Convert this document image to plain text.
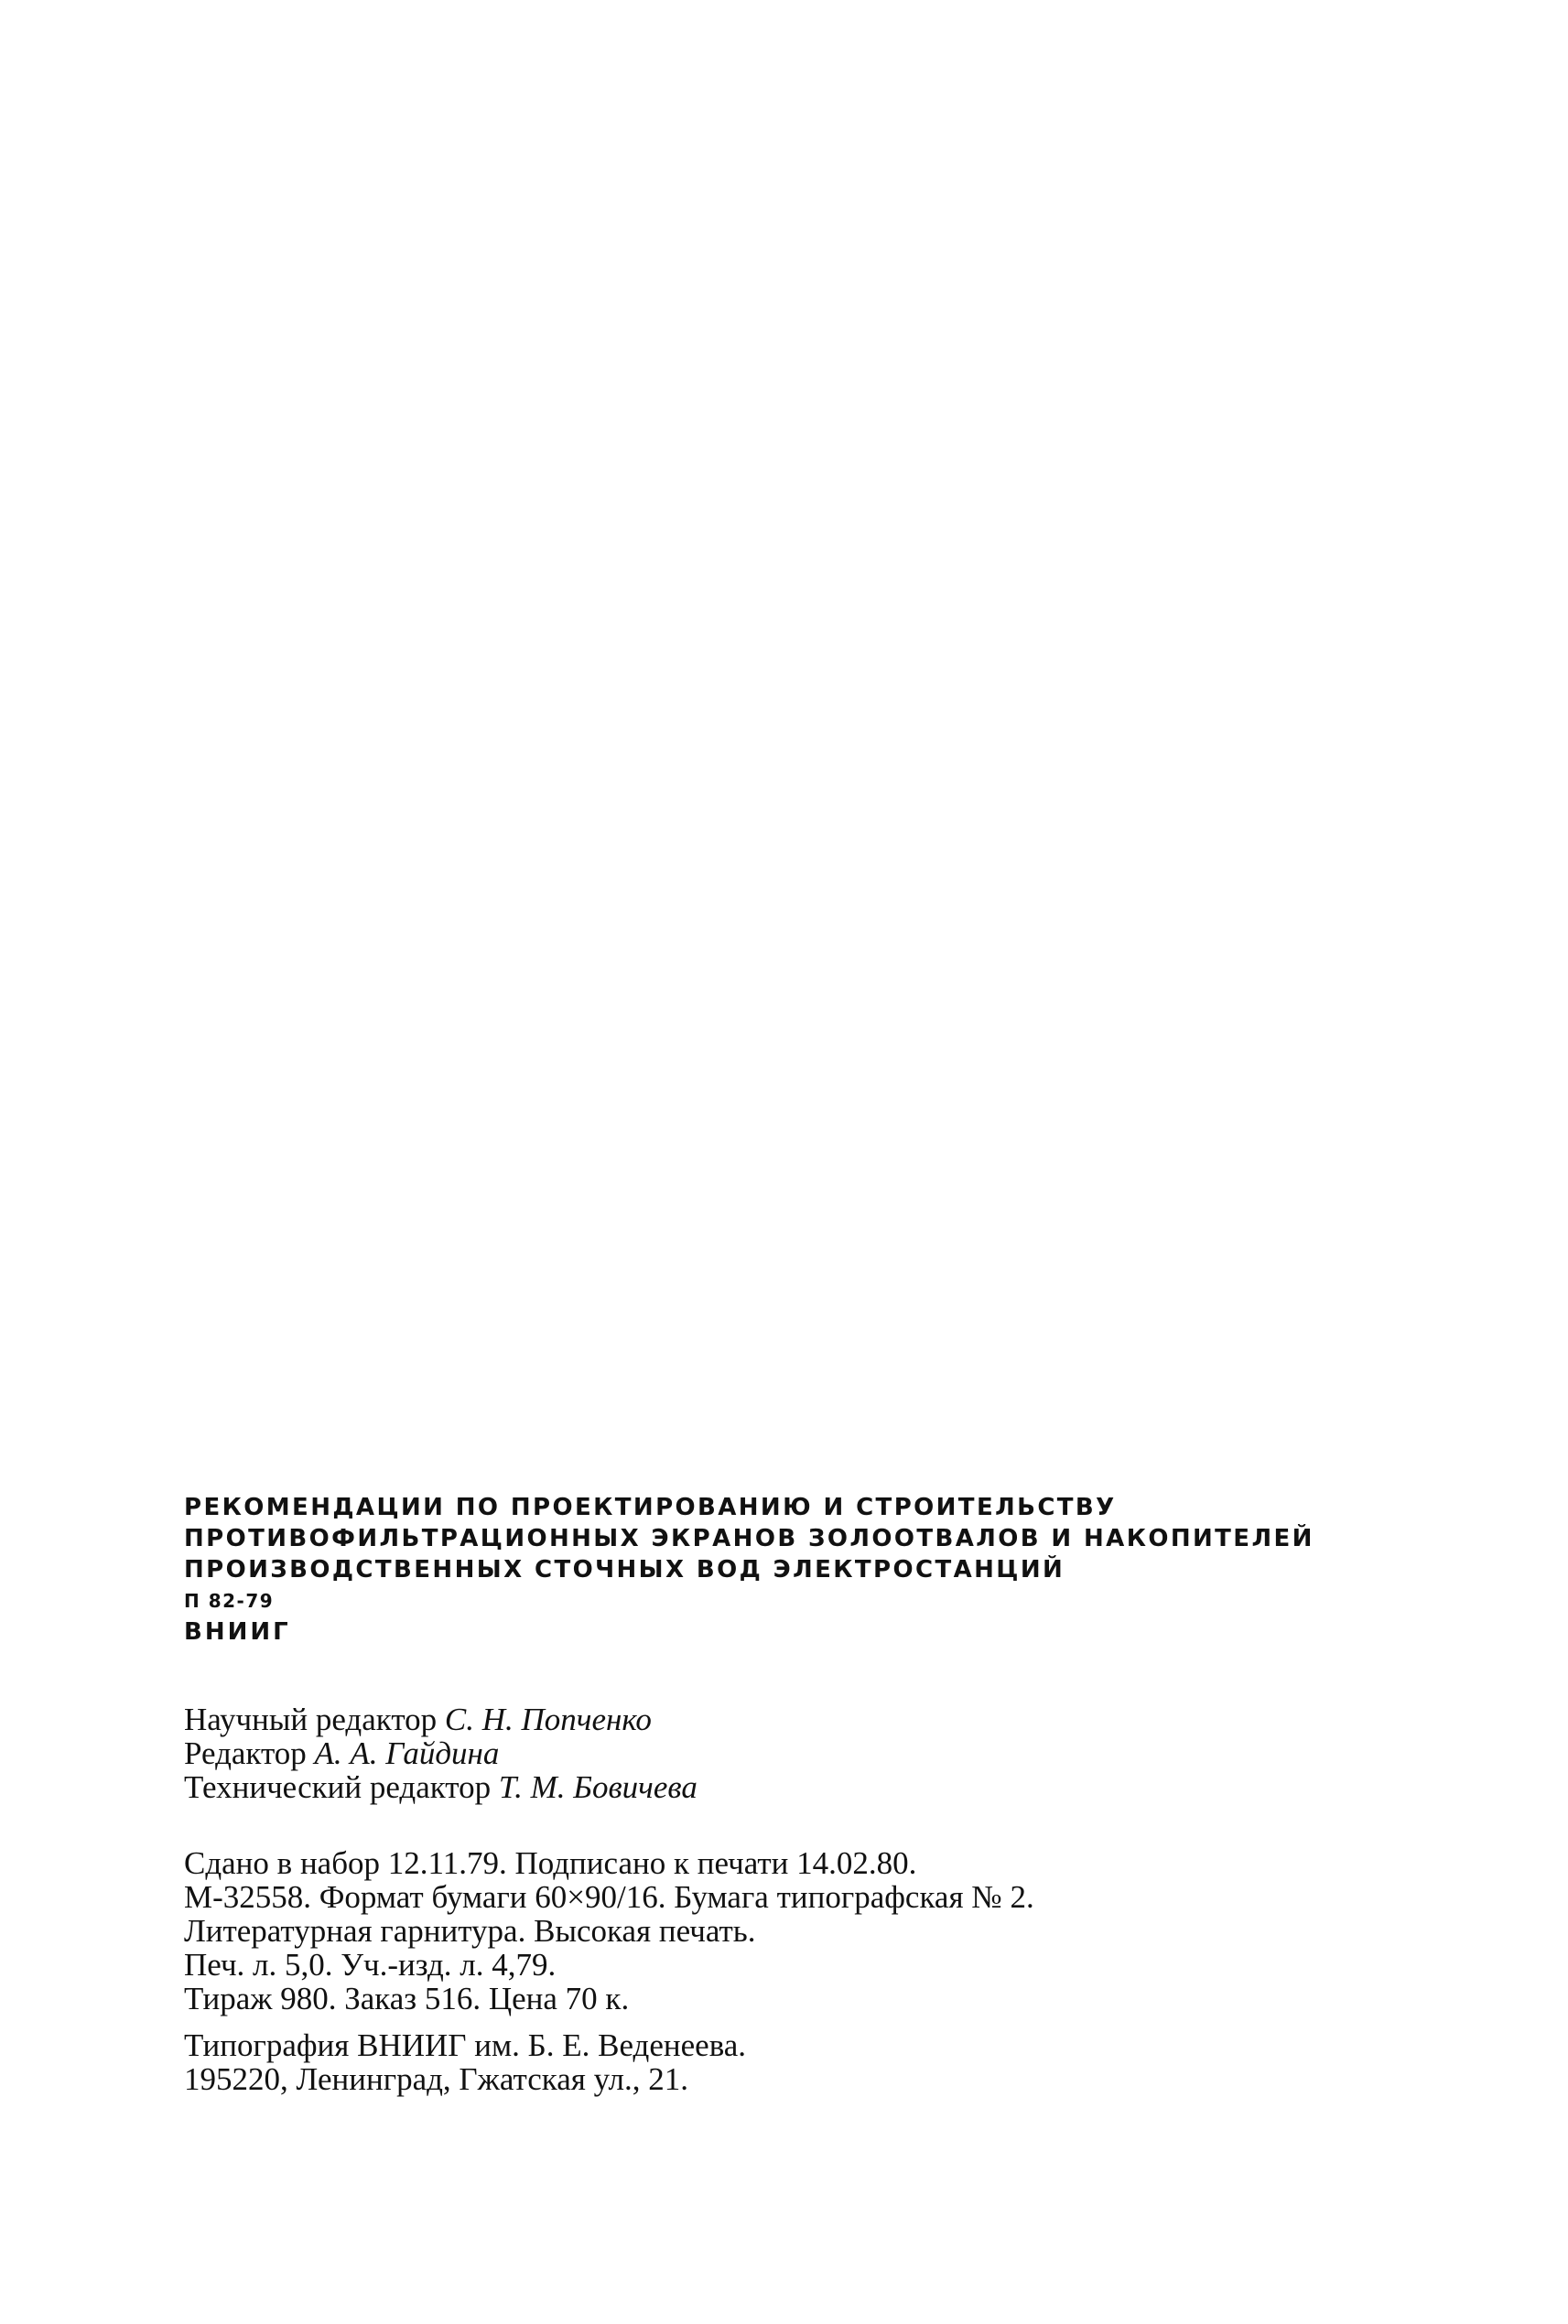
РЕКОМЕНДАЦИИ ПО ПРОЕКТИРОВАНИЮ И СТРОИТЕЛЬСТВУ
ПРОТИВОФИЛЬТРАЦИОННЫХ ЭКРАНОВ ЗОЛООТВАЛОВ И НАКОПИТЕЛЕЙ
ПРОИЗВОДСТВЕННЫХ СТОЧНЫХ ВОД ЭЛЕКТРОСТАНЦИЙ
П 82-79
ВНИИГ
Научный редактор С. Н. Попченко
Редактор А. А. Гайдина
Технический редактор Т. М. Бовичева
Сдано в набор 12.11.79. Подписано к печати 14.02.80.
М-32558. Формат бумаги 60×90/16. Бумага типографская № 2.
Литературная гарнитура. Высокая печать.
Печ. л. 5,0. Уч.-изд. л. 4,79.
Тираж 980. Заказ 516. Цена 70 к.
Типография ВНИИГ им. Б. Е. Веденеева.
195220, Ленинград, Гжатская ул., 21.
